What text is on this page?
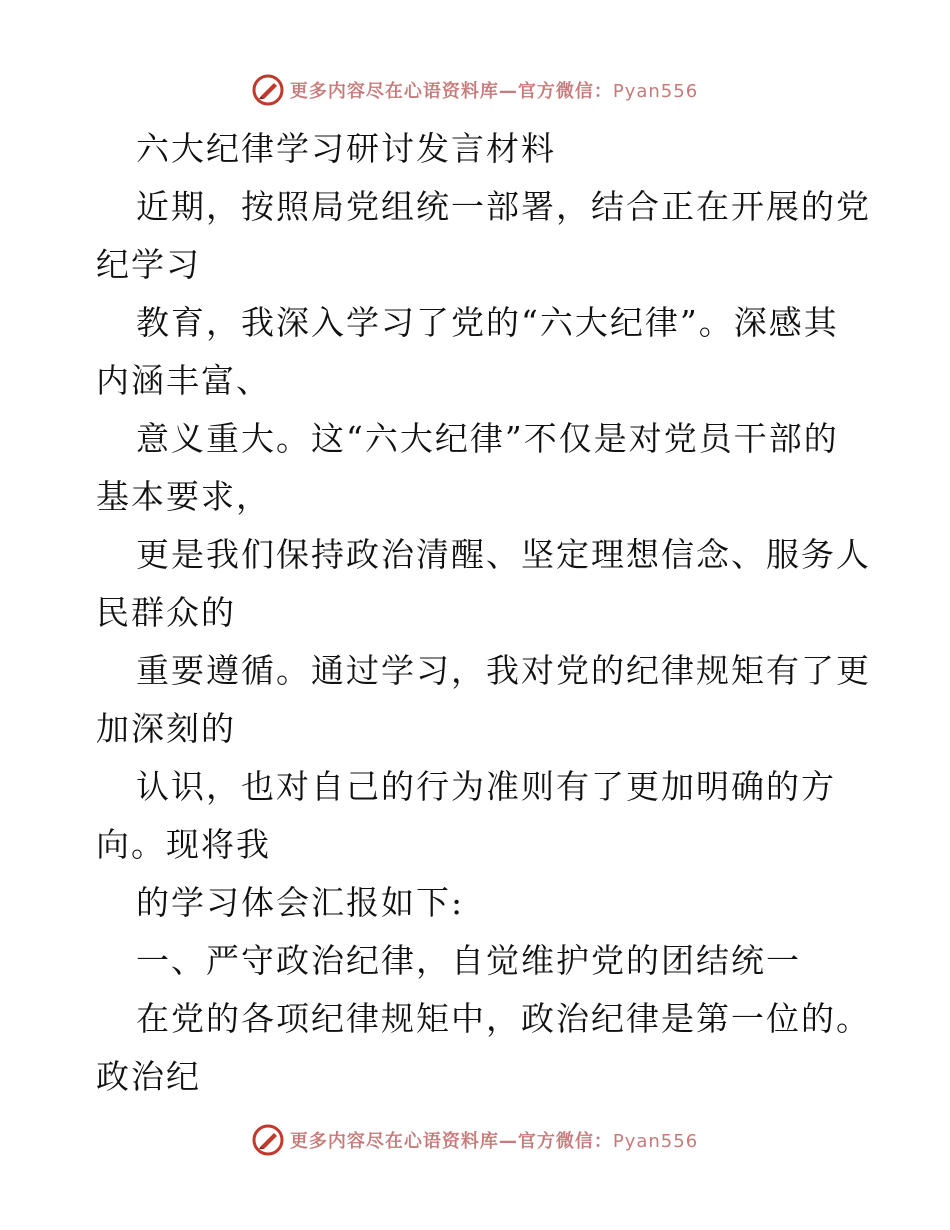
更多内容尽在心语资料库—官方微信：Pyan556
六大纪律学习研讨发言材料
近期，按照局党组统一部署，结合正在开展的党
纪学习
教育，我深入学习了党的“六大纪律”。深感其
内涵丰富、
意义重大。这“六大纪律”不仅是对党员干部的
基本要求，
更是我们保持政治清醒、坚定理想信念、服务人
民群众的
重要遵循。通过学习，我对党的纪律规矩有了更
加深刻的
认识，也对自己的行为准则有了更加明确的方
向。现将我
的学习体会汇报如下:
一、严守政治纪律，自觉维护党的团结统一
在党的各项纪律规矩中，政治纪律是第一位的。
政治纪
更多内容尽在心语资料库—官方微信：Pyan556
